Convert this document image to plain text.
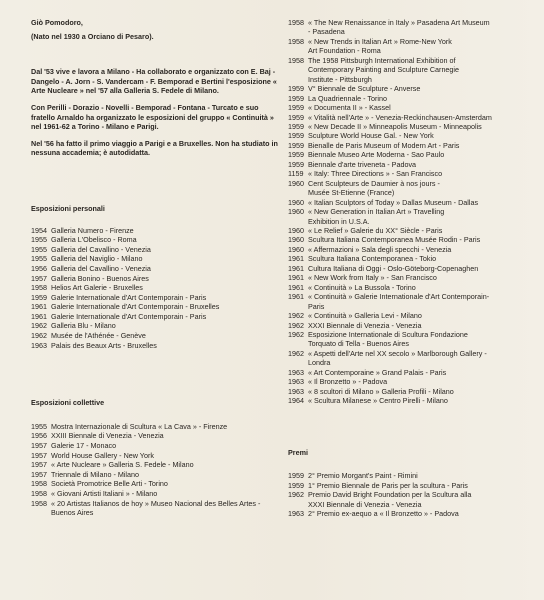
Giò Pomodoro,

(Nato nel 1930 a Orciano di Pesaro).

Dal '53 vive e lavora a Milano - Ha collaborato e organizzato con E. Baj - Dangelo - A. Jorn - S. Vandercam - F. Bemporad e Bertini l'esposizione « Arte Nucleare » nel '57 alla Galleria S. Fedele di Milano.

Con Perilli - Dorazio - Novelli - Bemporad - Fontana - Turcato e suo fratello Arnaldo ha organizzato le esposizioni del gruppo « Continuità » nel 1961-62 a Torino - Milano e Parigi.

Nel '56 ha fatto il primo viaggio a Parigi e a Bruxelles. Non ha studiato in nessuna accademia; è autodidatta.

Esposizioni personali

1954 Galleria Numero - Firenze
1955 Galleria L'Obelisco - Roma
1955 Galleria del Cavallino - Venezia
1955 Galleria del Naviglio - Milano
1956 Galleria del Cavallino - Venezia
1957 Galleria Bonino - Buenos Aires
1958 Helios Art Galerie - Bruxelles
1959 Galerie Internationale d'Art Contemporain - Paris
1961 Galerie Internationale d'Art Contemporain - Bruxelles
1961 Galerie Internationale d'Art Contemporain - Paris
1962 Galleria Blu - Milano
1962 Musée de l'Athénée - Genève
1963 Palais des Beaux Arts - Bruxelles

Esposizioni collettive

1955 Mostra Internazionale di Scultura « La Cava » - Firenze
1956 XXIII Biennale di Venezia - Venezia
1957 Galerie 17 - Monaco
1957 World House Gallery - New York
1957 « Arte Nucleare » Galleria S. Fedele - Milano
1957 Triennale di Milano - Milano
1958 Società Promotrice Belle Arti - Torino
1958 « Giovani Artisti Italiani » - Milano
1958 « 20 Artistas Italianos de hoy » Museo Nacional des Belles Artes - Buenos Aires
1958 « The New Renaissance in Italy » Pasadena Art Museum
- Pasadena
1958 « New Trends in Italian Art » Rome-New York
Art Foundation - Roma
1958 The 1958 Pittsburgh International Exhibition of
Contemporary Painting and Sculpture Carnegie
Institute - Pittsburgh
1959 V° Biennale de Sculpture - Anverse
1959 La Quadriennale - Torino
1959 « Documenta II » - Kassel
1959 « Vitalità nell'Arte » - Venezia-Reckinchausen-Amsterdam
1959 « New Decade II » Minneapolis Museum - Minneapolis
1959 Sculpture World House Gal. - New York
1959 Bienalle de Paris Museum of Modern Art - Paris
1959 Biennale Museo Arte Moderna - Sao Paulo
1959 Biennale d'arte triveneta - Padova
1159 « Italy: Three Directions » - San Francisco
1960 Cent Sculpteurs de Daumier à nos jours -
Musée St-Etienne (France)
1960 « Italian Sculptors of Today » Dallas Museum - Dallas
1960 « New Generation in Italian Art » Travelling
Exhibition in U.S.A.
1960 « Le Relief » Galerie du XX° Siècle - Paris
1960 Scultura Italiana Contemporanea Musée Rodin - Paris
1960 « Affermazioni » Sala degli specchi - Venezia
1961 Scultura Italiana Contemporanea - Tokio
1961 Cultura Italiana di Oggi - Oslo-Göteborg-Copenaghen
1961 « New Work from Italy » - San Francisco
1961 « Continuità » La Bussola - Torino
1961 « Continuità » Galerie Internationale d'Art Contemporain-
Paris
1962 « Continuità » Galleria Levi - Milano
1962 XXXI Biennale di Venezia - Venezia
1962 Esposizione Internationale di Scultura Fondazione
Torquato di Tella - Buenos Aires
1962 « Aspetti dell'Arte nel XX secolo » Marlborough Gallery -
Londra
1963 « Art Contemporaine » Grand Palais - Paris
1963 « Il Bronzetto » - Padova
1963 « 8 scultori di Milano » Galleria Profili - Milano
1964 « Scultura Milanese » Centro Pirelli - Milano

Premi

1959 2° Premio Morgant's Paint - Rimini
1959 1° Premio Biennale de Paris per la scultura - Paris
1962 Premio David Bright Foundation per la Scultura alla
XXXI Biennale di Venezia - Venezia
1963 2° Premio ex-aequo a « Il Bronzetto » - Padova
